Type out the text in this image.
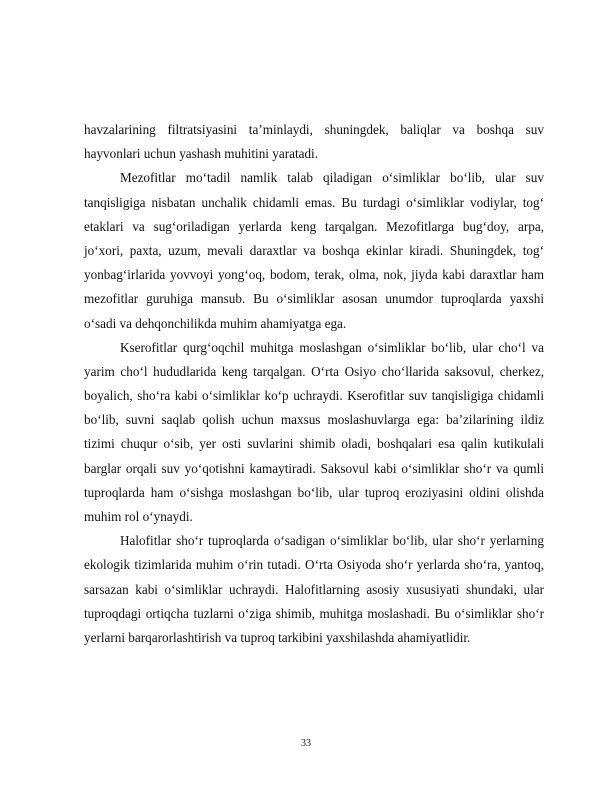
havzalarining filtratsiyasini ta’minlaydi, shuningdek, baliqlar va boshqa suv
hayvonlari uchun yashash muhitini yaratadi.
Mezofitlar mo‘tadil namlik talab qiladigan o‘simliklar bo‘lib, ular suv
tanqisligiga nisbatan unchalik chidamli emas. Bu turdagi o‘simliklar vodiylar, tog‘
etaklari va sug‘oriladigan yerlarda keng tarqalgan. Mezofitlarga bug‘doy, arpa,
jo‘xori, paxta, uzum, mevali daraxtlar va boshqa ekinlar kiradi. Shuningdek, tog‘
yonbag‘irlarida yovvoyi yong‘oq, bodom, terak, olma, nok, jiyda kabi daraxtlar ham
mezofitlar guruhiga mansub. Bu o‘simliklar asosan unumdor tuproqlarda yaxshi
o‘sadi va dehqonchilikda muhim ahamiyatga ega.
Kserofitlar qurg‘oqchil muhitga moslashgan o‘simliklar bo‘lib, ular cho‘l va
yarim cho‘l hududlarida keng tarqalgan. O‘rta Osiyo cho‘llarida saksovul, cherkez,
boyalich, sho‘ra kabi o‘simliklar ko‘p uchraydi. Kserofitlar suv tanqisligiga chidamli
bo‘lib, suvni saqlab qolish uchun maxsus moslashuvlarga ega: ba’zilarining ildiz
tizimi chuqur o‘sib, yer osti suvlarini shimib oladi, boshqalari esa qalin kutikulali
barglar orqali suv yo‘qotishni kamaytiradi. Saksovul kabi o‘simliklar sho‘r va qumli
tuproqlarda ham o‘sishga moslashgan bo‘lib, ular tuproq eroziyasini oldini olishda
muhim rol o‘ynaydi.
Halofitlar sho‘r tuproqlarda o‘sadigan o‘simliklar bo‘lib, ular sho‘r yerlarning
ekologik tizimlarida muhim o‘rin tutadi. O‘rta Osiyoda sho‘r yerlarda sho‘ra, yantoq,
sarsazan kabi o‘simliklar uchraydi. Halofitlarning asosiy xususiyati shundaki, ular
tuproqdagi ortiqcha tuzlarni o‘ziga shimib, muhitga moslashadi. Bu o‘simliklar sho‘r
yerlarni barqarorlashtirish va tuproq tarkibini yaxshilashda ahamiyatlidir.
33
